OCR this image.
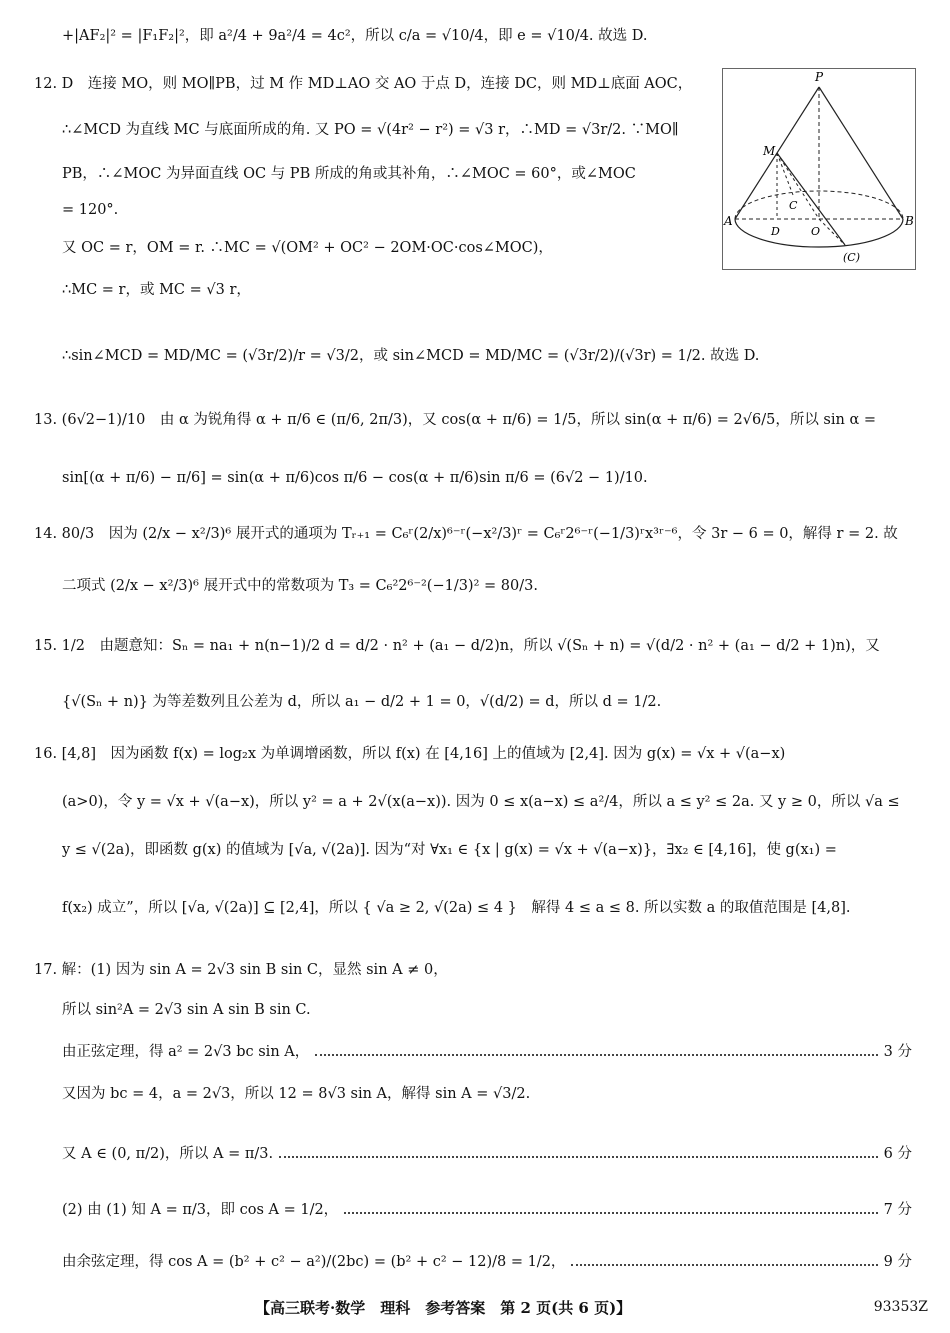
+|AF₂|² = |F₁F₂|²，即 a²/4 + 9a²/4 = 4c²，所以 c/a = √10/4，即 e = √10/4. 故选 D.
12. D　连接 MO，则 MO∥PB，过 M 作 MD⊥AO 交 AO 于点 D，连接 DC，则 MD⊥底面 AOC，
∴∠MCD 为直线 MC 与底面所成的角. 又 PO = √(4r² − r²) = √3 r，∴MD = √3r/2. ∵MO∥
PB，∴∠MOC 为异面直线 OC 与 PB 所成的角或其补角，∴∠MOC = 60°，或∠MOC
= 120°.
又 OC = r，OM = r. ∴MC = √(OM² + OC² − 2OM·OC·cos∠MOC)，
∴MC = r，或 MC = √3 r，
∴sin∠MCD = MD/MC = (√3r/2)/r = √3/2，或 sin∠MCD = MD/MC = (√3r/2)/(√3r) = 1/2. 故选 D.
P
M
A	B
C
D	O
(C)
13. (6√2−1)/10　由 α 为锐角得 α + π/6 ∈ (π/6, 2π/3)，又 cos(α + π/6) = 1/5，所以 sin(α + π/6) = 2√6/5，所以 sin α =
sin[(α + π/6) − π/6] = sin(α + π/6)cos π/6 − cos(α + π/6)sin π/6 = (6√2 − 1)/10.
14. 80/3　因为 (2/x − x²/3)⁶ 展开式的通项为 Tᵣ₊₁ = C₆ʳ(2/x)⁶⁻ʳ(−x²/3)ʳ = C₆ʳ2⁶⁻ʳ(−1/3)ʳx³ʳ⁻⁶，令 3r − 6 = 0，解得 r = 2. 故
二项式 (2/x − x²/3)⁶ 展开式中的常数项为 T₃ = C₆²2⁶⁻²(−1/3)² = 80/3.
15. 1/2　由题意知：Sₙ = na₁ + n(n−1)/2 d = d/2 · n² + (a₁ − d/2)n，所以 √(Sₙ + n) = √(d/2 · n² + (a₁ − d/2 + 1)n)，又
{√(Sₙ + n)} 为等差数列且公差为 d，所以 a₁ − d/2 + 1 = 0，√(d/2) = d，所以 d = 1/2.
16. [4,8]　因为函数 f(x) = log₂x 为单调增函数，所以 f(x) 在 [4,16] 上的值域为 [2,4]. 因为 g(x) = √x + √(a−x)
(a>0)，令 y = √x + √(a−x)，所以 y² = a + 2√(x(a−x)). 因为 0 ≤ x(a−x) ≤ a²/4，所以 a ≤ y² ≤ 2a. 又 y ≥ 0，所以 √a ≤
y ≤ √(2a)，即函数 g(x) 的值域为 [√a, √(2a)]. 因为“对 ∀x₁ ∈ {x | g(x) = √x + √(a−x)}，∃x₂ ∈ [4,16]，使 g(x₁) =
f(x₂) 成立”，所以 [√a, √(2a)] ⊆ [2,4]，所以 { √a ≥ 2, √(2a) ≤ 4 }　解得 4 ≤ a ≤ 8. 所以实数 a 的取值范围是 [4,8].
17. 解：(1) 因为 sin A = 2√3 sin B sin C，显然 sin A ≠ 0，
所以 sin²A = 2√3 sin A sin B sin C.
由正弦定理，得 a² = 2√3 bc sin A，	3 分
又因为 bc = 4，a = 2√3，所以 12 = 8√3 sin A，解得 sin A = √3/2.
又 A ∈ (0, π/2)，所以 A = π/3.	6 分
(2) 由 (1) 知 A = π/3，即 cos A = 1/2，	7 分
由余弦定理，得 cos A = (b² + c² − a²)/(2bc) = (b² + c² − 12)/8 = 1/2，	9 分
【高三联考·数学　理科　参考答案　第 2 页(共 6 页)】	93353Z
